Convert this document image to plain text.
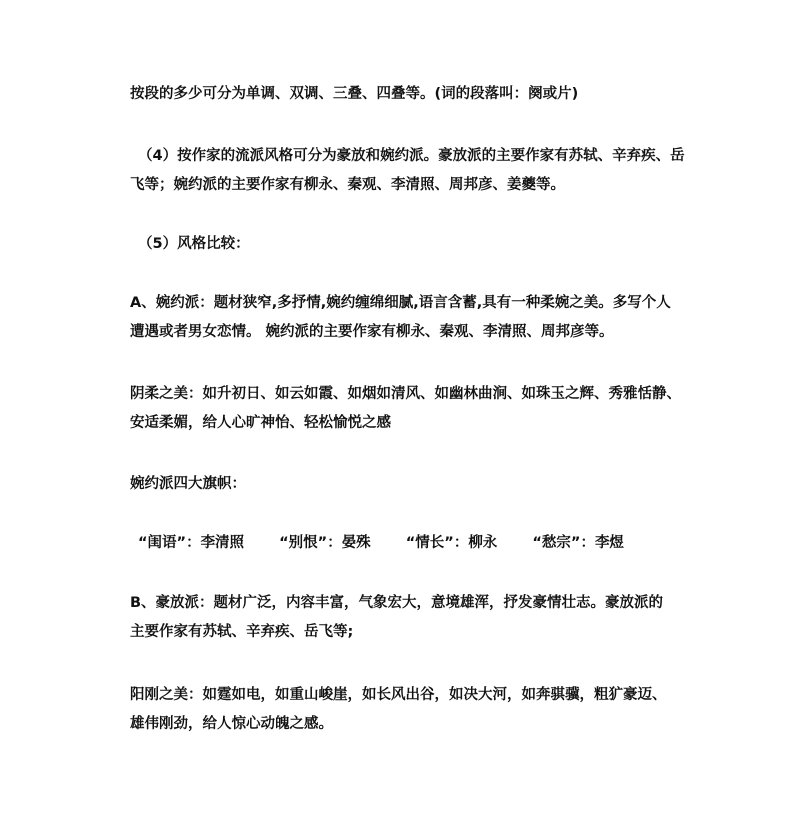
按段的多少可分为单调、双调、三叠、四叠等。(词的段落叫：阕或片)
（4）按作家的流派风格可分为豪放和婉约派。豪放派的主要作家有苏轼、辛弃疾、岳
飞等；婉约派的主要作家有柳永、秦观、李清照、周邦彦、姜夔等。
（5）风格比较：
A、婉约派：题材狭窄,多抒情,婉约缠绵细腻,语言含蓄,具有一种柔婉之美。多写个人
遭遇或者男女恋情。 婉约派的主要作家有柳永、秦观、李清照、周邦彦等。
阴柔之美：如升初日、如云如霞、如烟如清风、如幽林曲涧、如珠玉之辉、秀雅恬静、
安适柔媚，给人心旷神怡、轻松愉悦之感
婉约派四大旗帜：
“闺语”：李清照 “别恨”：晏殊 “情长”：柳永 “愁宗”：李煜
B、豪放派：题材广泛，内容丰富，气象宏大，意境雄浑，抒发豪情壮志。豪放派的
主要作家有苏轼、辛弃疾、岳飞等;
阳刚之美：如霆如电，如重山峻崖，如长风出谷，如决大河，如奔骐骥，粗犷豪迈、
雄伟刚劲，给人惊心动魄之感。
